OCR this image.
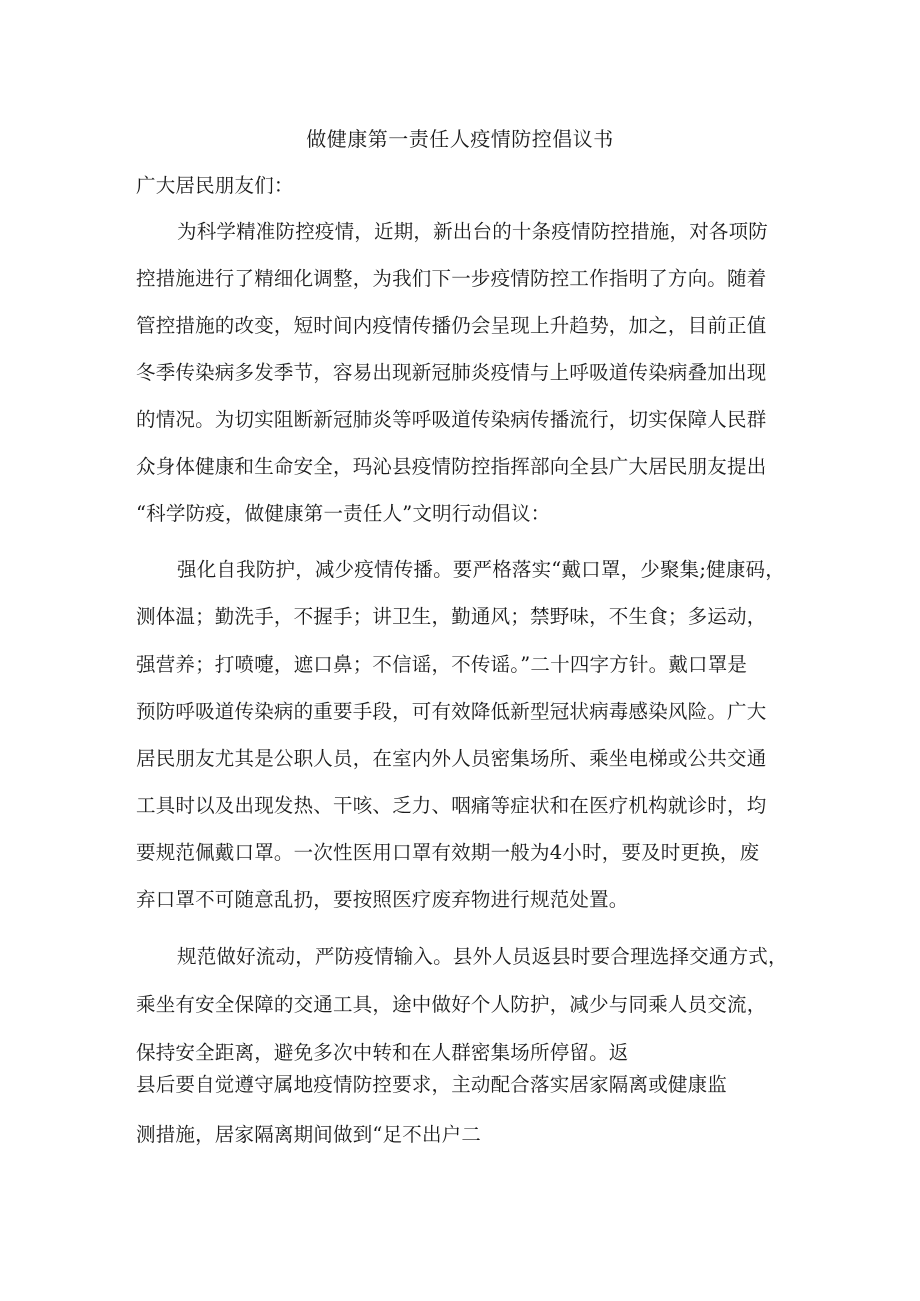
做健康第一责任人疫情防控倡议书
广大居民朋友们：
为科学精准防控疫情，近期，新出台的十条疫情防控措施，对各项防
控措施进行了精细化调整，为我们下一步疫情防控工作指明了方向。随着
管控措施的改变，短时间内疫情传播仍会呈现上升趋势，加之，目前正值
冬季传染病多发季节，容易出现新冠肺炎疫情与上呼吸道传染病叠加出现
的情况。为切实阻断新冠肺炎等呼吸道传染病传播流行，切实保障人民群
众身体健康和生命安全，玛沁县疫情防控指挥部向全县广大居民朋友提出
“科学防疫，做健康第一责任人”文明行动倡议：
强化自我防护，减少疫情传播。要严格落实“戴口罩，少聚集;健康码，
测体温；勤洗手，不握手；讲卫生，勤通风；禁野味，不生食；多运动，
强营养；打喷嚏，遮口鼻；不信谣，不传谣。”二十四字方针。戴口罩是
预防呼吸道传染病的重要手段，可有效降低新型冠状病毒感染风险。广大
居民朋友尤其是公职人员，在室内外人员密集场所、乘坐电梯或公共交通
工具时以及出现发热、干咳、乏力、咽痛等症状和在医疗机构就诊时，均
要规范佩戴口罩。一次性医用口罩有效期一般为4小时，要及时更换，废
弃口罩不可随意乱扔，要按照医疗废弃物进行规范处置。
规范做好流动，严防疫情输入。县外人员返县时要合理选择交通方式，
乘坐有安全保障的交通工具，途中做好个人防护，减少与同乘人员交流，
保持安全距离，避免多次中转和在人群密集场所停留。返
县后要自觉遵守属地疫情防控要求，主动配合落实居家隔离或健康监
测措施，居家隔离期间做到“足不出户二
